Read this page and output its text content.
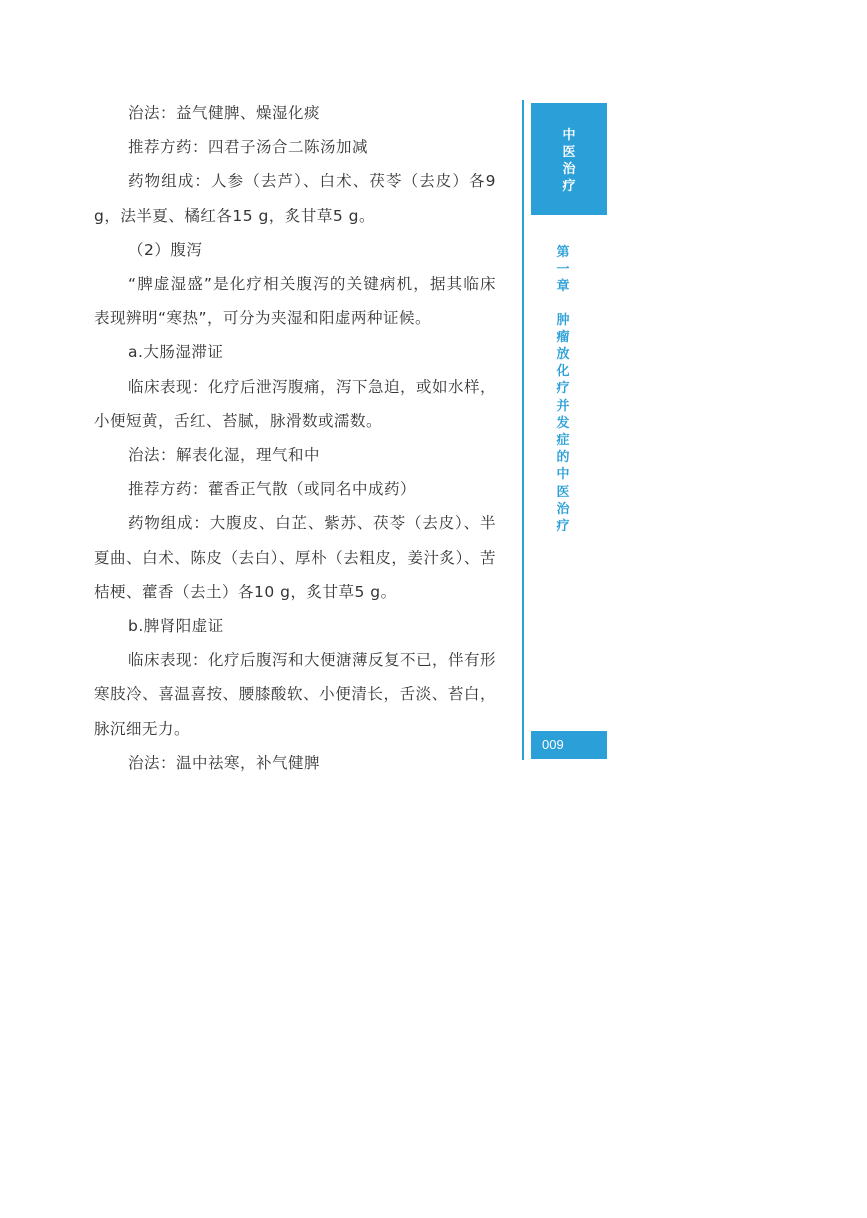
治法：益气健脾、燥湿化痰

推荐方药：四君子汤合二陈汤加减

药物组成：人参（去芦）、白术、茯苓（去皮）各9 g，法半夏、橘红各15 g，炙甘草5 g。

（2）腹泻

“脾虚湿盛”是化疗相关腹泻的关键病机，据其临床表现辨明“寒热”，可分为夹湿和阳虚两种证候。

a.大肠湿滞证

临床表现：化疗后泄泻腹痛，泻下急迫，或如水样，小便短黄，舌红、苔腻，脉滑数或濡数。

治法：解表化湿，理气和中

推荐方药：藿香正气散（或同名中成药）

药物组成：大腹皮、白芷、紫苏、茯苓（去皮）、半夏曲、白术、陈皮（去白）、厚朴（去粗皮，姜汁炙）、苦桔梗、藿香（去土）各10 g，炙甘草5 g。

b.脾肾阳虚证

临床表现：化疗后腹泻和大便溏薄反复不已，伴有形寒肢冷、喜温喜按、腰膝酸软、小便清长，舌淡、苔白，脉沉细无力。

治法：温中祛寒，补气健脾

中医治疗
第一章
肿瘤放化疗并发症的中医治疗
009
